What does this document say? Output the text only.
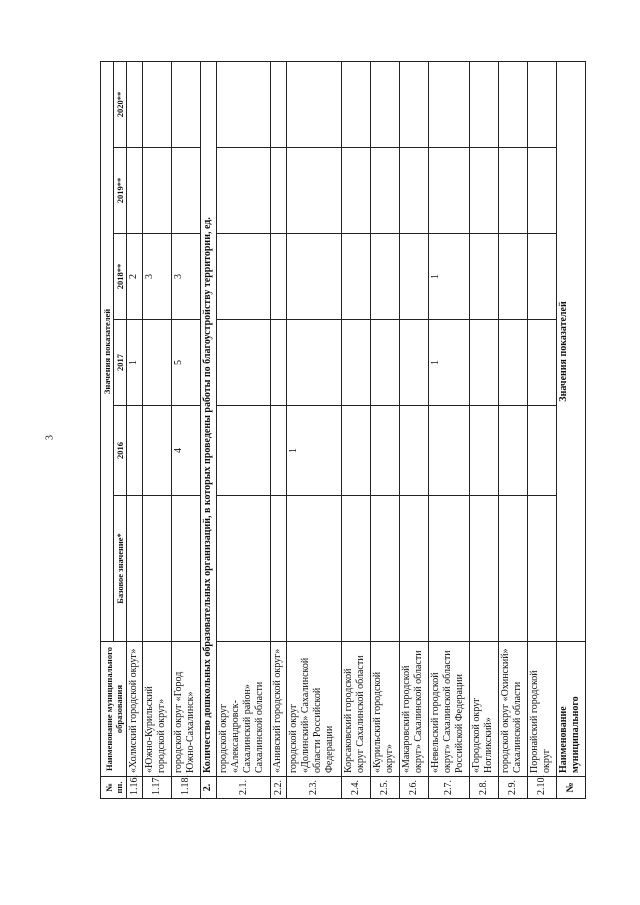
3
№ пп.	Наименование муниципального образования	Значения показателей					
		Базовое значение*	2016	2017	2018**	2019**	2020**
1.16.	«Холмский городской округ»			1	2		
1.17.	«Южно-Курильский городской округ»				3		
1.18.	городской округ «Город Южно-Сахалинск»		4	5	3		
2.	Количество дошкольных образовательных организаций, в которых проведены работы по благоустройству территории, ед.						
2.1.	городской округ «Александровск-Сахалинский район» Сахалинской области						
2.2.	«Анивский городской округ»						
2.3.	городской округ «Долинский» Сахалинской области Российской Федерации		1				
2.4.	Корсаковский городской округ Сахалинской области						
2.5.	«Курильский городской округ»						
2.6.	«Макаровский городской округ» Сахалинской области						
2.7.	«Невельский городской округ» Сахалинской области Российской Федерации			1	1		
2.8.	«Городской округ Ногликский»						
2.9.	городской округ «Охинский» Сахалинской области						
2.10.	Поронайский городской округ						
№	Наименование муниципального	Значения показателей					
